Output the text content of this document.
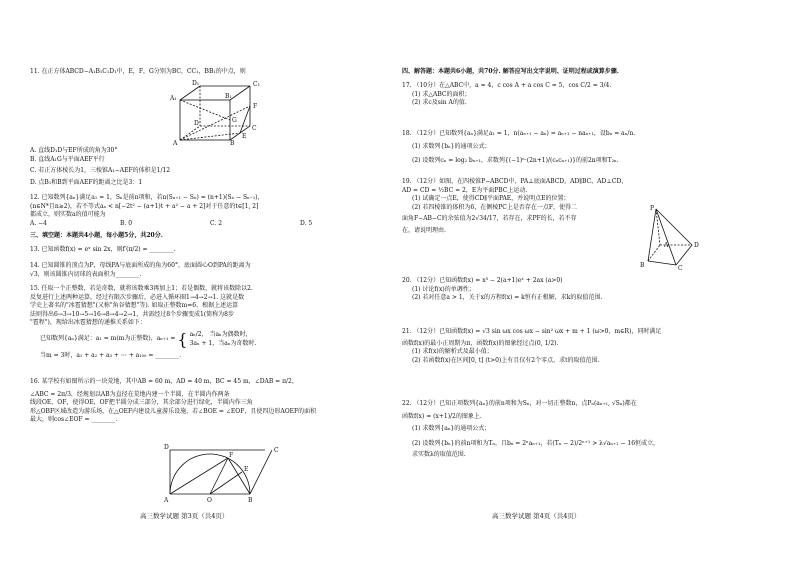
11. 在正方体ABCD−A₁B₁C₁D₁中，E，F，G分别为BC，CC₁，BB₁的中点，则
A₁	B₁
C₁
D₁
A	B
C
D
E
F
G
A. 直线D₁D与EF所成的角为30°
B. 直线A₁G与平面AEF平行
C. 若正方体棱长为1，三棱锥A₁−AEF的体积是1/12
D. 点B₁和B到平面AEF的距离之比是3：1
12. 已知数列{aₙ}满足a₁ = 1，Sₙ是前n项和，若n(Sₙ₊₁ − Sₙ) = (n+1)(Sₙ − Sₙ₋₁)，
(n∈N*且n≥2)，若不等式aₙ < n[−2t² − (a+1)t + a² − a + 2]对于任意的t∈[1, 2]
都成立，则实数a的值可能为
A. −4	B. 0	C. 2	D. 5
三、填空题：本题共4小题，每小题5分，共20分.
13. 已知函数f(x) = eˣ sin 2x，则f′(π/2) = ________.
14. 已知圆锥的顶点为P，母线PA与底面所成的角为60°，底面圆心O到PA的距离为
√3，则该圆锥内切球的表面积为________.
15. 任取一个正整数，若是奇数，就将该数乘3再加上1；若是偶数，就将该数除以2.
反复进行上述两种运算，经过有限次步骤后，必进入循环圈1→4→2→1. 这就是数
学史上著名的"冰雹猜想"(又称"角谷猜想"等). 如取正整数m=6，根据上述运算
法则得出6→3→10→5→16→8→4→2→1，共需经过8个步骤变成1(简称为8步
"雹程")，现给出冰雹猜想的递推关系如下：
已知数列{aₙ}满足：a₁ = m(m为正整数)，aₙ₊₁ = { aₙ/2， 当aₙ为偶数时，
3aₙ + 1，当aₙ为奇数时.
当m = 3时，a₁ + a₂ + a₃ + ⋯ + a₁₀₀ = ________.
16. 某学校有如图所示的一块荒地，其中AB = 60 m，AD = 40 m，BC = 45 m，∠DAB = π/2，
∠ABC = 2π/3，经规划以AB为直径在荒地内建一个半圆，在半圆内作两条
线段OE，OF，使得OE，OF把半圆分成三部分，其余部分进行绿化，半圆内作三角
形△OBF区域改造为游乐场，在△OEF内建设儿童游乐设施，若∠BOE = ∠EOF，且使四边形AOEF的面积
最大，则cos∠EOF = ________.
A	O	B
C
D
E
F
高三数学试题 第3页（共4页）
四、解答题：本题共6小题，共70分. 解答应写出文字说明、证明过程或演算步骤.
17. （10分）在△ABC中，a = 4，c cos A + a cos C = 5，cos C/2 = 3/4.
(1) 求△ABC的面积；
(2) 求c及sin A的值.
18. （12分）已知数列{aₙ}满足a₁ = 1，n(aₙ₊₁ − aₙ) = aₙ₊₁ − naₙ₊₁，设bₙ = aₙ/n.
(1) 求数列{bₙ}的通项公式；
(2) 设数列cₙ = log₂ bₙ₊₁，求数列{(−1)ⁿ·(2n+1)/(cₙcₙ₊₁)}的前2n项和T₂ₙ.
19. （12分）如图，在四棱锥P−ABCD中，PA⊥底面ABCD，AD∥BC，AD⊥CD，
AD = CD = ½BC = 2，E为平面PBC上运动.
(1) 试确定一点E，使得CD∥平面PAE，并说明点E的位置；
(2) 若四棱锥的体积为6，在侧棱PC上是否存在一点F，使得二
面角F−AB−C的余弦值为2√34/17，若存在，求PF的长，若不存
在，请说明理由.
P
A
B	C
D
20. （12分）已知函数f(x) = x³ − 2(a+1)eˣ + 2ax (a>0)
(1) 讨论f(x)的单调性；
(2) 若对任意a > 1，关于x的方程f(x) = k恒有正根解，求k的取值范围.
21. （12分）已知函数f(x) = √3 sin ωx cos ωx − sin² ωx + m + 1 (ω>0，m∈R)，同时满足
函数f(x)的最小正周期为π，函数f(x)的图象经过点(0, 1/2).
(1) 求f(x)的解析式及最小值；
(2) 若函数f(x)在区间[0, t] (t>0)上有且仅有2个零点，求t的取值范围.
22. （12分）已知正项数列{aₙ}的前n项和为Sₙ，对一切正整数n，点Pₙ(aₙ₊₁, √Sₙ)都在
函数f(x) = (x+1)/2的图象上.
(1) 求数列{aₙ}的通项公式；
(2) 设数列{bₙ}的前n项和为Tₙ，且bₙ = 2ⁿaₙ₊₁，若(Tₙ − 2)/2ⁿ⁺¹ > λ√aₙ₊₁ − 16恒成立，
求实数λ的取值范围.
高三数学试题 第4页（共4页）
